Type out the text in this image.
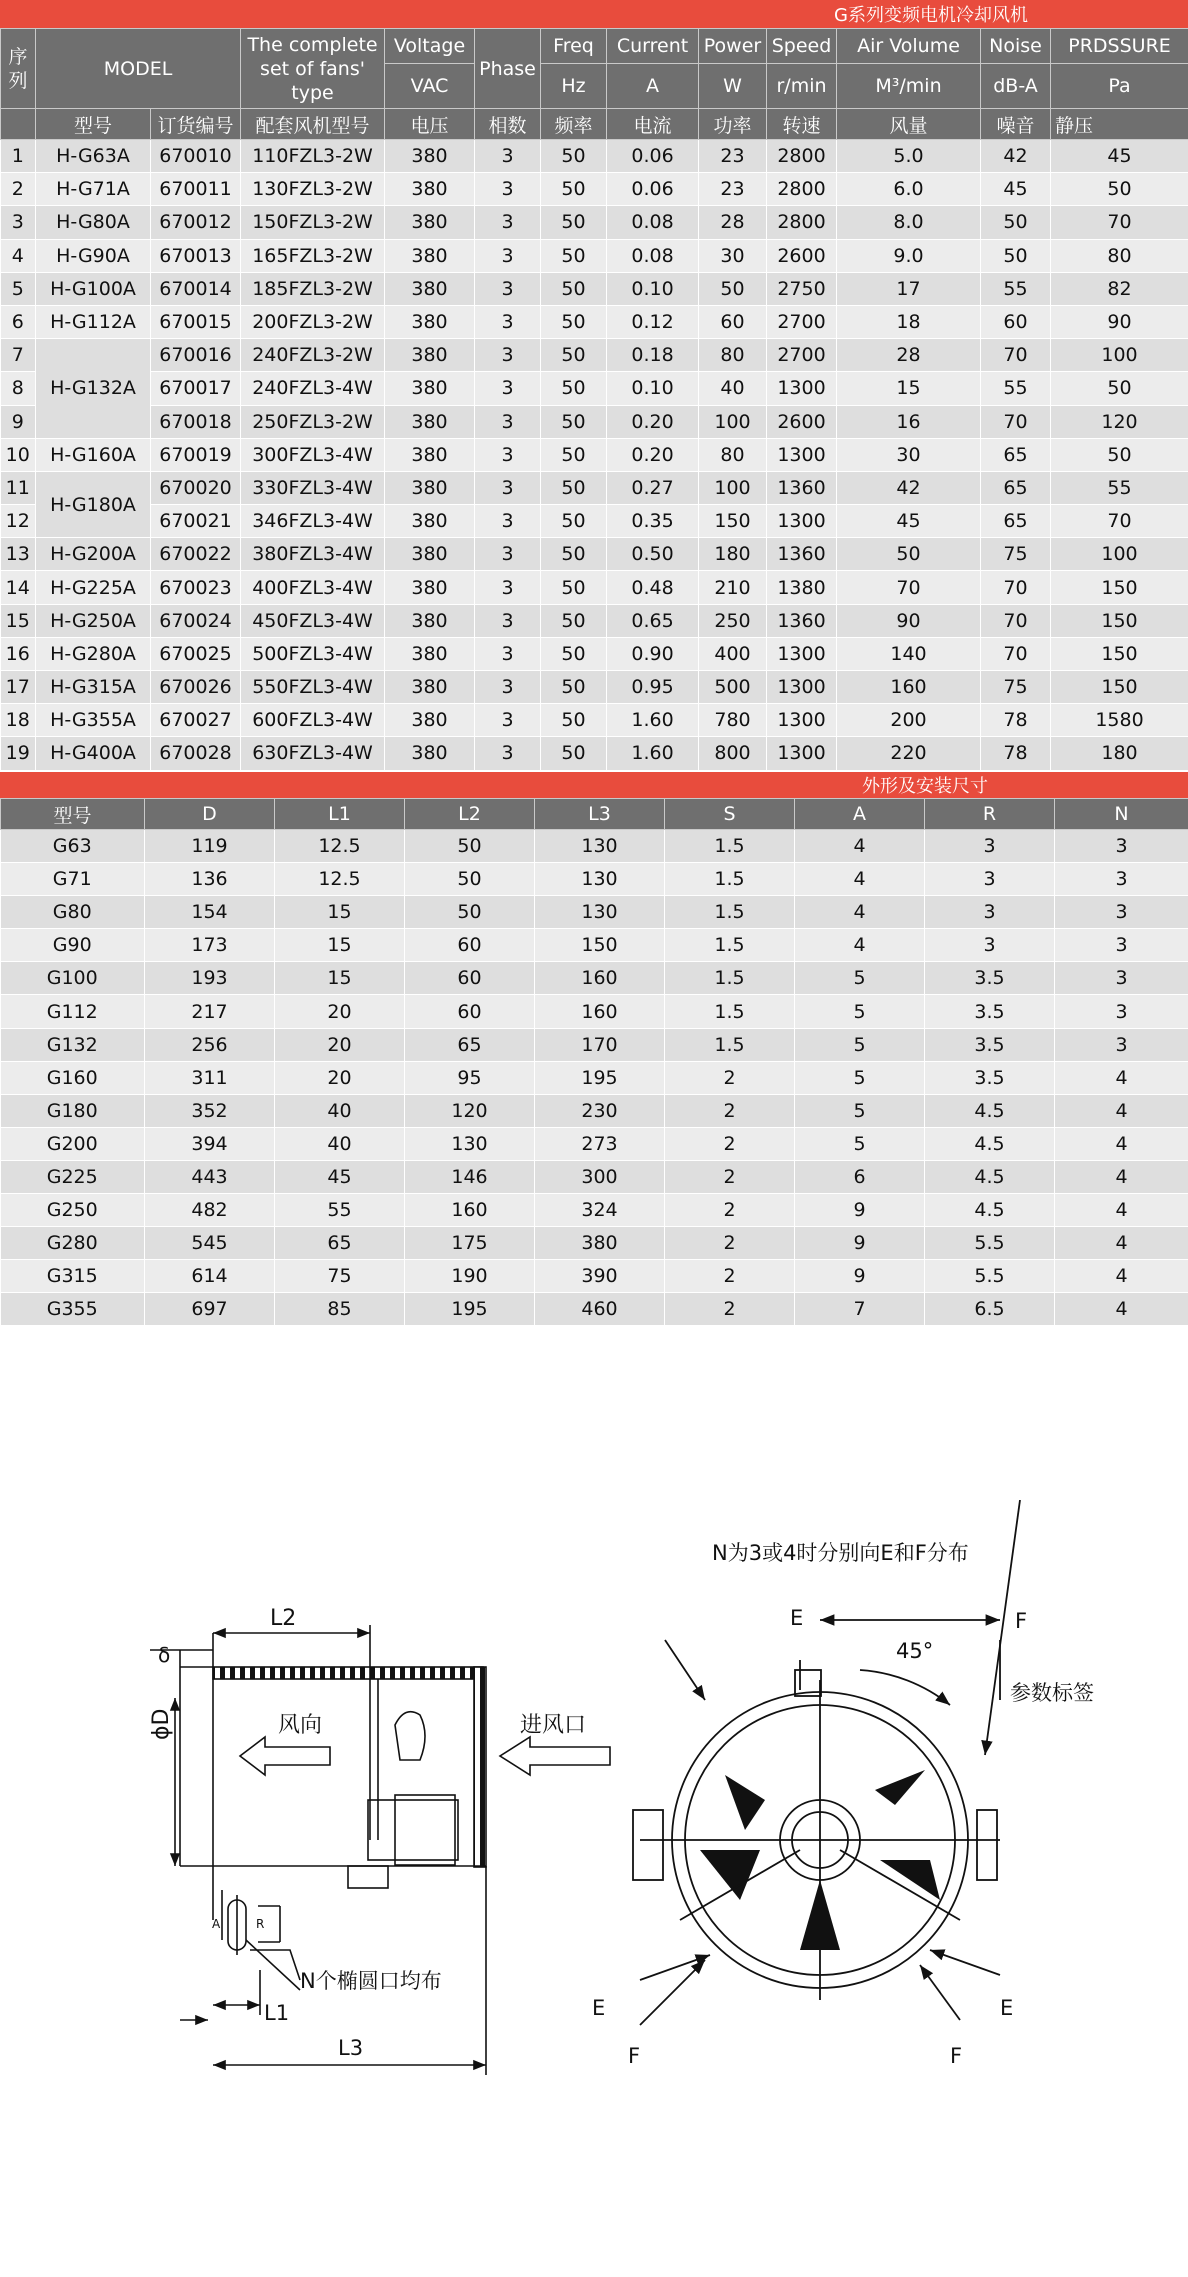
G系列变频电机冷却风机
序列	MODEL		The complete set of fans' type	Voltage	Phase	Freq	Current	Power	Speed	Air Volume	Noise	PRDSSURE
				VAC		Hz	A	W	r/min	M³/min	dB-A	Pa
	型号	订货编号	配套风机型号	电压	相数	频率	电流	功率	转速	风量	噪音	静压
1	H-G63A	670010	110FZL3-2W	380	3	50	0.06	23	2800	5.0	42	45
2	H-G71A	670011	130FZL3-2W	380	3	50	0.06	23	2800	6.0	45	50
3	H-G80A	670012	150FZL3-2W	380	3	50	0.08	28	2800	8.0	50	70
4	H-G90A	670013	165FZL3-2W	380	3	50	0.08	30	2600	9.0	50	80
5	H-G100A	670014	185FZL3-2W	380	3	50	0.10	50	2750	17	55	82
6	H-G112A	670015	200FZL3-2W	380	3	50	0.12	60	2700	18	60	90
7	H-G132A	670016	240FZL3-2W	380	3	50	0.18	80	2700	28	70	100
8		670017	240FZL3-4W	380	3	50	0.10	40	1300	15	55	50
9		670018	250FZL3-2W	380	3	50	0.20	100	2600	16	70	120
10	H-G160A	670019	300FZL3-4W	380	3	50	0.20	80	1300	30	65	50
11	H-G180A	670020	330FZL3-4W	380	3	50	0.27	100	1360	42	65	55
12		670021	346FZL3-4W	380	3	50	0.35	150	1300	45	65	70
13	H-G200A	670022	380FZL3-4W	380	3	50	0.50	180	1360	50	75	100
14	H-G225A	670023	400FZL3-4W	380	3	50	0.48	210	1380	70	70	150
15	H-G250A	670024	450FZL3-4W	380	3	50	0.65	250	1360	90	70	150
16	H-G280A	670025	500FZL3-4W	380	3	50	0.90	400	1300	140	70	150
17	H-G315A	670026	550FZL3-4W	380	3	50	0.95	500	1300	160	75	150
18	H-G355A	670027	600FZL3-4W	380	3	50	1.60	780	1300	200	78	1580
19	H-G400A	670028	630FZL3-4W	380	3	50	1.60	800	1300	220	78	180
外形及安装尺寸
型号	D	L1	L2	L3	S	A	R	N
G63	119	12.5	50	130	1.5	4	3	3
G71	136	12.5	50	130	1.5	4	3	3
G80	154	15	50	130	1.5	4	3	3
G90	173	15	60	150	1.5	4	3	3
G100	193	15	60	160	1.5	5	3.5	3
G112	217	20	60	160	1.5	5	3.5	3
G132	256	20	65	170	1.5	5	3.5	3
G160	311	20	95	195	2	5	3.5	4
G180	352	40	120	230	2	5	4.5	4
G200	394	40	130	273	2	5	4.5	4
G225	443	45	146	300	2	6	4.5	4
G250	482	55	160	324	2	9	4.5	4
G280	545	65	175	380	2	9	5.5	4
G315	614	75	190	390	2	9	5.5	4
G355	697	85	195	460	2	7	6.5	4
L2
δ
ϕD	风向	进风口
A	R
N个椭圆口均布
L1
L3
N为3或4时分别向E和F分布
E	F
45°
参数标签
E	E
F	F
